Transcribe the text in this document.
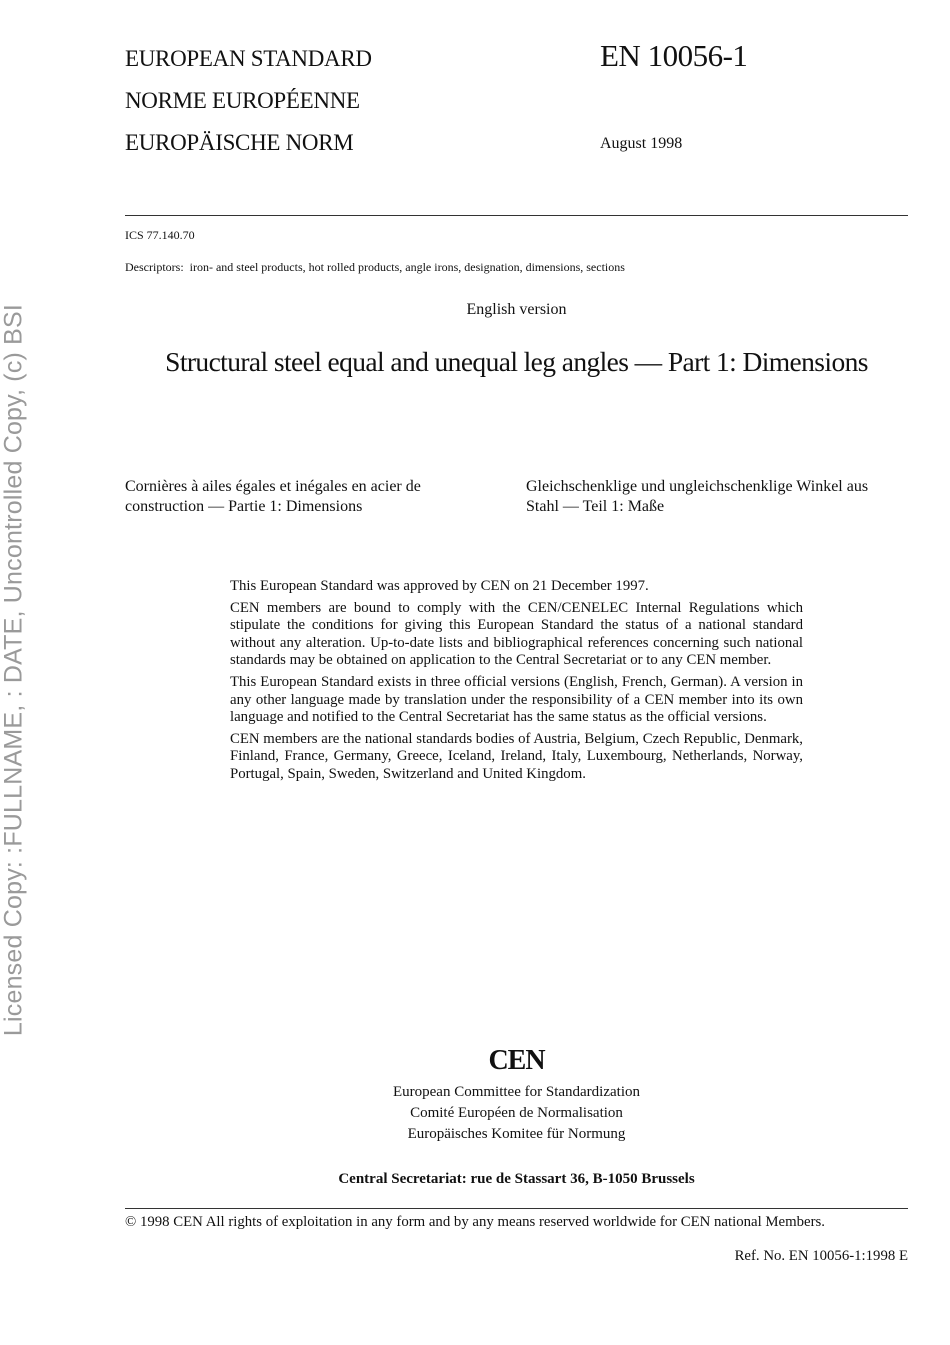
Licensed Copy: :FULLNAME, : DATE, Uncontrolled Copy, (c) BSI
EUROPEAN STANDARD
NORME EUROPÉENNE
EUROPÄISCHE NORM
EN 10056-1
August 1998
ICS 77.140.70
Descriptors: iron- and steel products, hot rolled products, angle irons, designation, dimensions, sections
English version
Structural steel equal and unequal leg angles — Part 1: Dimensions
Cornières à ailes égales et inégales en acier de construction — Partie 1: Dimensions
Gleichschenklige und ungleichschenklige Winkel aus Stahl — Teil 1: Maße

This European Standard was approved by CEN on 21 December 1997.

CEN members are bound to comply with the CEN/CENELEC Internal Regulations which stipulate the conditions for giving this European Standard the status of a national standard without any alteration. Up-to-date lists and bibliographical references concerning such national standards may be obtained on application to the Central Secretariat or to any CEN member.

This European Standard exists in three official versions (English, French, German). A version in any other language made by translation under the responsibility of a CEN member into its own language and notified to the Central Secretariat has the same status as the official versions.

CEN members are the national standards bodies of Austria, Belgium, Czech Republic, Denmark, Finland, France, Germany, Greece, Iceland, Ireland, Italy, Luxembourg, Netherlands, Norway, Portugal, Spain, Sweden, Switzerland and United Kingdom.

CEN
European Committee for Standardization
Comité Européen de Normalisation
Europäisches Komitee für Normung
Central Secretariat: rue de Stassart 36, B-1050 Brussels
© 1998 CEN All rights of exploitation in any form and by any means reserved worldwide for CEN national Members.
Ref. No. EN 10056-1:1998 E
